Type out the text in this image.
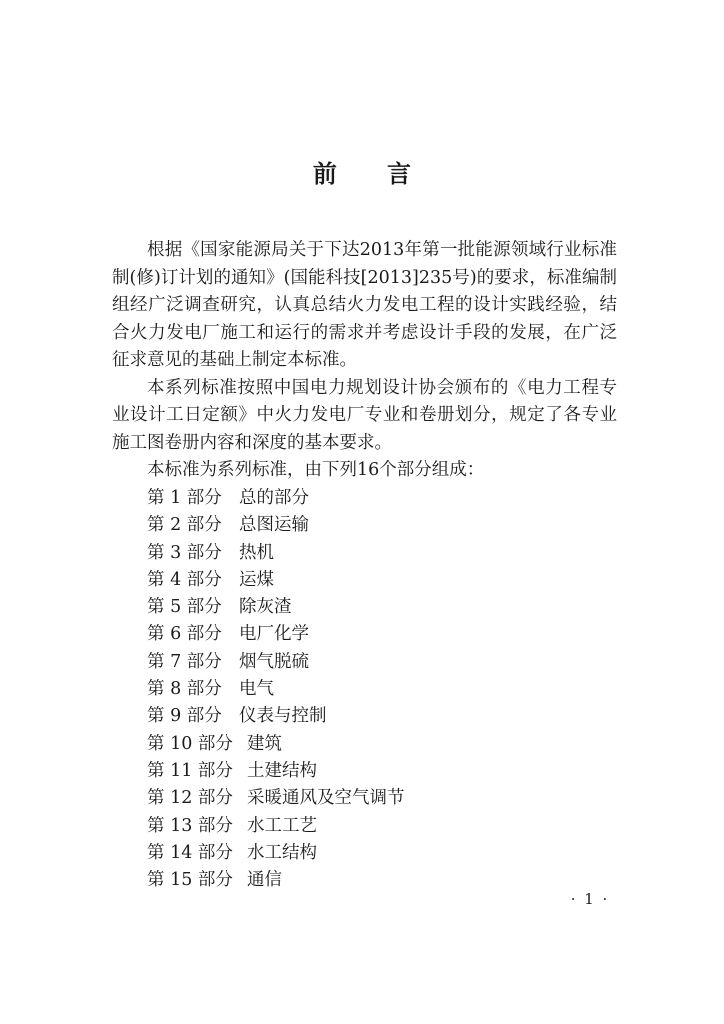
前      言

根据《国家能源局关于下达2013年第一批能源领域行业标准制(修)订计划的通知》(国能科技[2013]235号)的要求，标准编制组经广泛调查研究，认真总结火力发电工程的设计实践经验，结合火力发电厂施工和运行的需求并考虑设计手段的发展，在广泛征求意见的基础上制定本标准。

本系列标准按照中国电力规划设计协会颁布的《电力工程专业设计工日定额》中火力发电厂专业和卷册划分，规定了各专业施工图卷册内容和深度的基本要求。

本标准为系列标准，由下列16个部分组成：

第 1 部分 总的部分
第 2 部分 总图运输
第 3 部分 热机
第 4 部分 运煤
第 5 部分 除灰渣
第 6 部分 电厂化学
第 7 部分 烟气脱硫
第 8 部分 电气
第 9 部分 仪表与控制
第 10 部分 建筑
第 11 部分 土建结构
第 12 部分 采暖通风及空气调节
第 13 部分 水工工艺
第 14 部分 水工结构
第 15 部分 通信
· 1 ·
